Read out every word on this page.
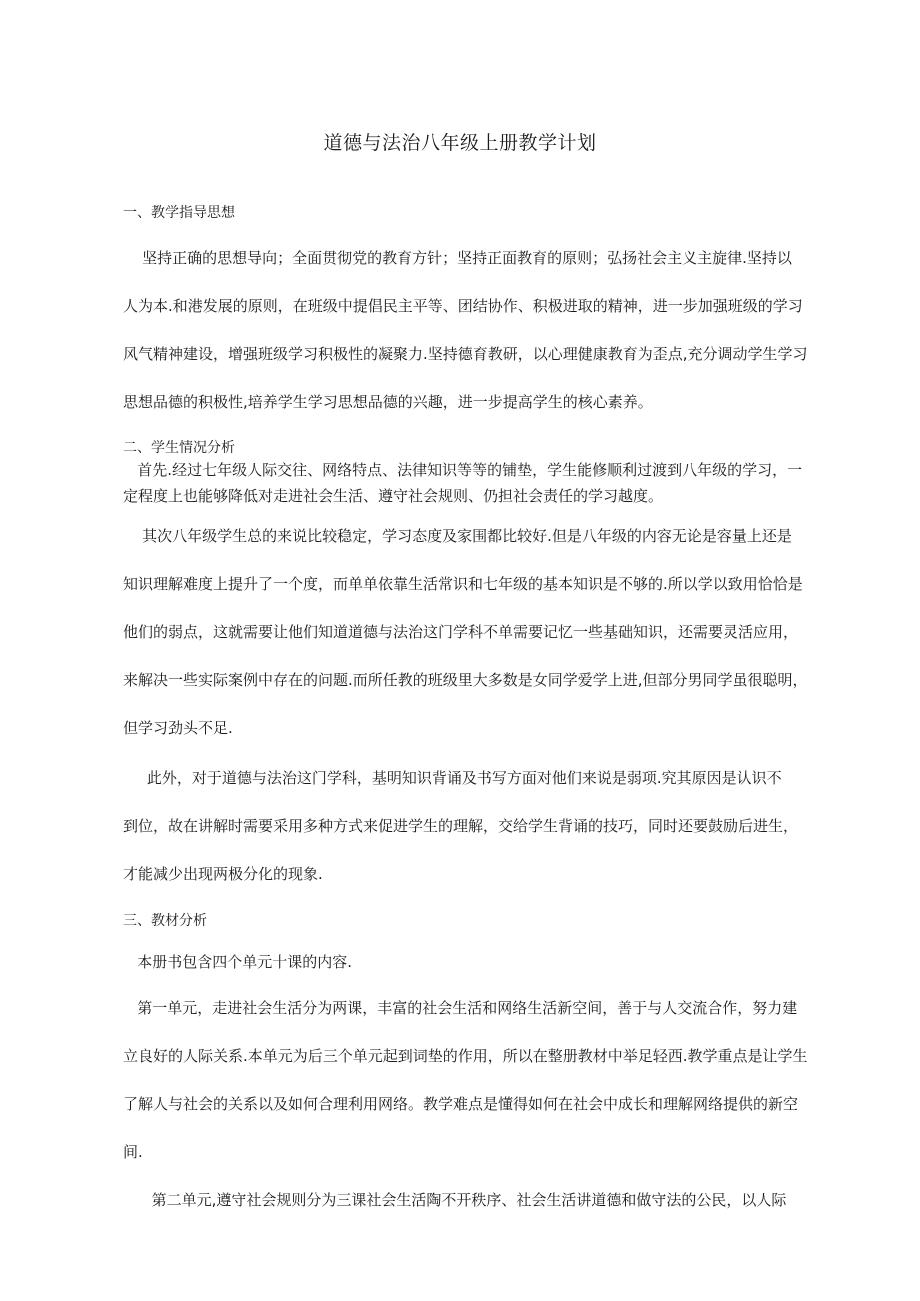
道德与法治八年级上册教学计划
一、教学指导思想
坚持正确的思想导向；全面贯彻党的教育方针；坚持正面教育的原则；弘扬社会主义主旋律.坚持以
人为本.和港发展的原则，在班级中提倡民主平等、团结协作、积极进取的精神，进一步加强班级的学习
风气精神建设，增强班级学习积极性的凝聚力.坚持德育教研，以心理健康教育为歪点,充分调动学生学习
思想品德的积极性,培养学生学习思想品德的兴趣，进一步提高学生的核心素养。
二、学生情况分析
首先.经过七年级人际交往、网络特点、法律知识等等的铺垫，学生能修顺利过渡到八年级的学习，一
定程度上也能够降低对走进社会生活、遵守社会规则、仍担社会责任的学习越度。
其次八年级学生总的来说比较稳定，学习态度及家围都比较好.但是八年级的内容无论是容量上还是
知识理解难度上提升了一个度，而单单依靠生活常识和七年级的基本知识是不够的.所以学以致用恰恰是
他们的弱点，这就需要让他们知道道德与法治这门学科不单需要记忆一些基础知识，还需要灵活应用，
来解决一些实际案例中存在的问题.而所任教的班级里大多数是女同学爱学上进,但部分男同学虽很聪明，
但学习劲头不足.
此外，对于道德与法治这门学科，基明知识背诵及书写方面对他们来说是弱项.究其原因是认识不
到位，故在讲解时需要采用多种方式来促进学生的理解，交给学生背诵的技巧，同时还要鼓励后进生，
才能减少出现两极分化的现象.
三、教材分析
本册书包含四个单元十课的内容.
第一单元，走进社会生活分为两课，丰富的社会生活和网络生活新空间，善于与人交流合作，努力建
立良好的人际关系.本单元为后三个单元起到词垫的作用，所以在整册教材中举足轻西.教学重点是让学生
了解人与社会的关系以及如何合理利用网络。教学难点是懂得如何在社会中成长和理解网络提供的新空
间.
第二单元,遵守社会规则分为三课社会生活陶不开秩序、社会生活讲道德和做守法的公民，以人际
